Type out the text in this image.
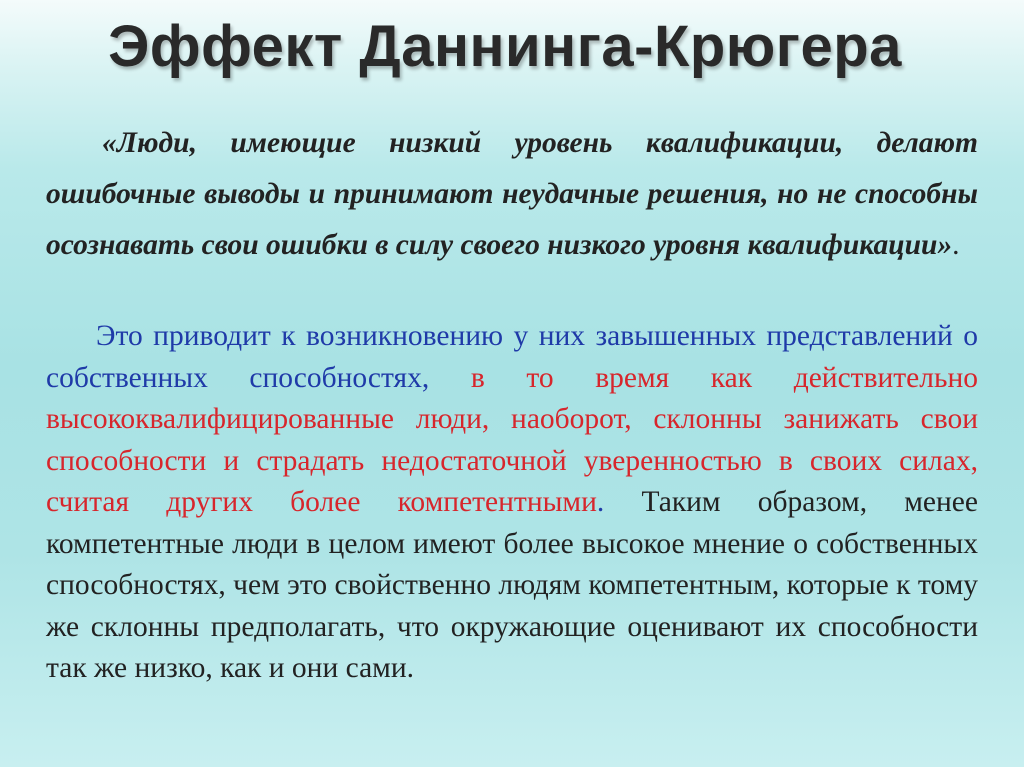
Эффект Даннинга-Крюгера
«Люди, имеющие низкий уровень квалификации, делают ошибочные выводы и принимают неудачные решения, но не способны осознавать свои ошибки в силу своего низкого уровня квалификации».
Это приводит к возникновению у них завышенных представлений о собственных способностях, в то время как действительно высококвалифицированные люди, наоборот, склонны занижать свои способности и страдать недостаточной уверенностью в своих силах, считая других более компетентными. Таким образом, менее компетентные люди в целом имеют более высокое мнение о собственных способностях, чем это свойственно людям компетентным, которые к тому же склонны предполагать, что окружающие оценивают их способности так же низко, как и они сами.
